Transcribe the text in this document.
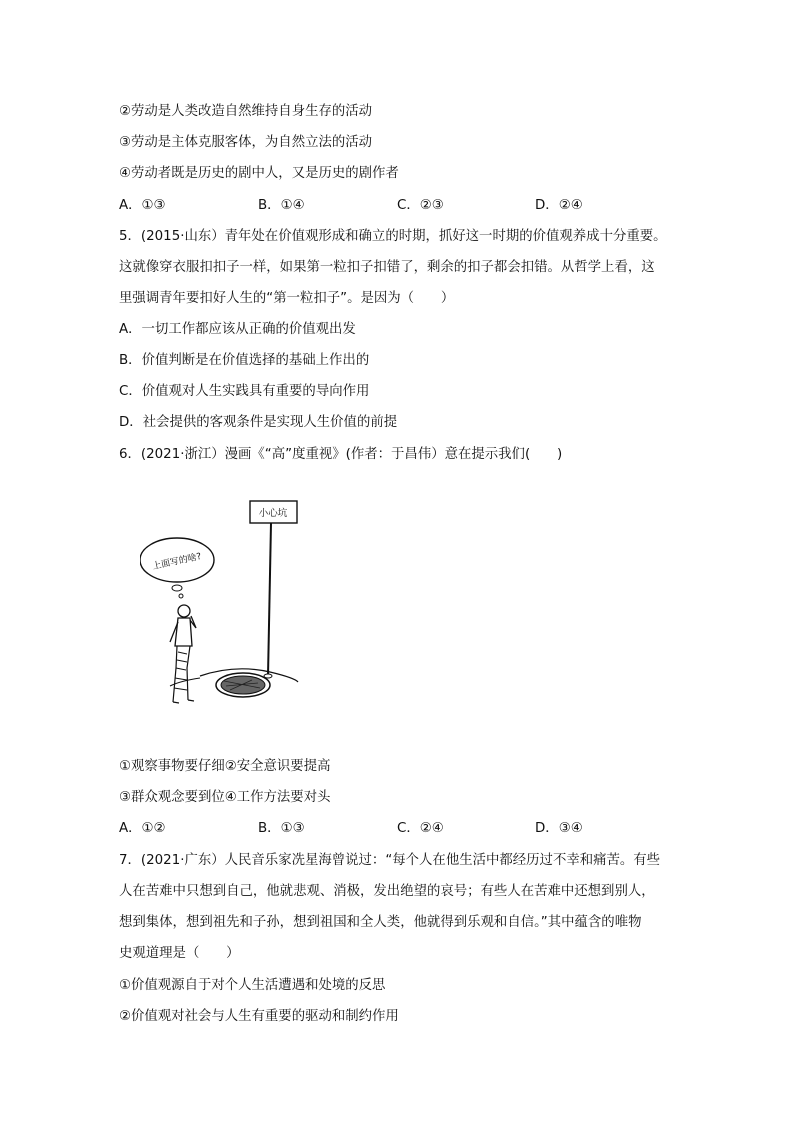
②劳动是人类改造自然维持自身生存的活动
③劳动是主体克服客体，为自然立法的活动
④劳动者既是历史的剧中人，又是历史的剧作者
A．①③	B．①④	C．②③	D．②④
5．(2015·山东）青年处在价值观形成和确立的时期，抓好这一时期的价值观养成十分重要。
这就像穿衣服扣扣子一样，如果第一粒扣子扣错了，剩余的扣子都会扣错。从哲学上看，这
里强调青年要扣好人生的“第一粒扣子”。是因为（　　）
A．一切工作都应该从正确的价值观出发
B．价值判断是在价值选择的基础上作出的
C．价值观对人生实践具有重要的导向作用
D．社会提供的客观条件是实现人生价值的前提
6．(2021·浙江）漫画《“高”度重视》(作者：于昌伟）意在提示我们(　　)
小心坑
上面写的啥?
①观察事物要仔细②安全意识要提高
③群众观念要到位④工作方法要对头
A．①②	B．①③	C．②④	D．③④
7．(2021·广东）人民音乐家冼星海曾说过：“每个人在他生活中都经历过不幸和痛苦。有些
人在苦难中只想到自己，他就悲观、消极，发出绝望的哀号；有些人在苦难中还想到别人，
想到集体，想到祖先和子孙，想到祖国和全人类，他就得到乐观和自信。”其中蕴含的唯物
史观道理是（　　）
①价值观源自于对个人生活遭遇和处境的反思
②价值观对社会与人生有重要的驱动和制约作用
